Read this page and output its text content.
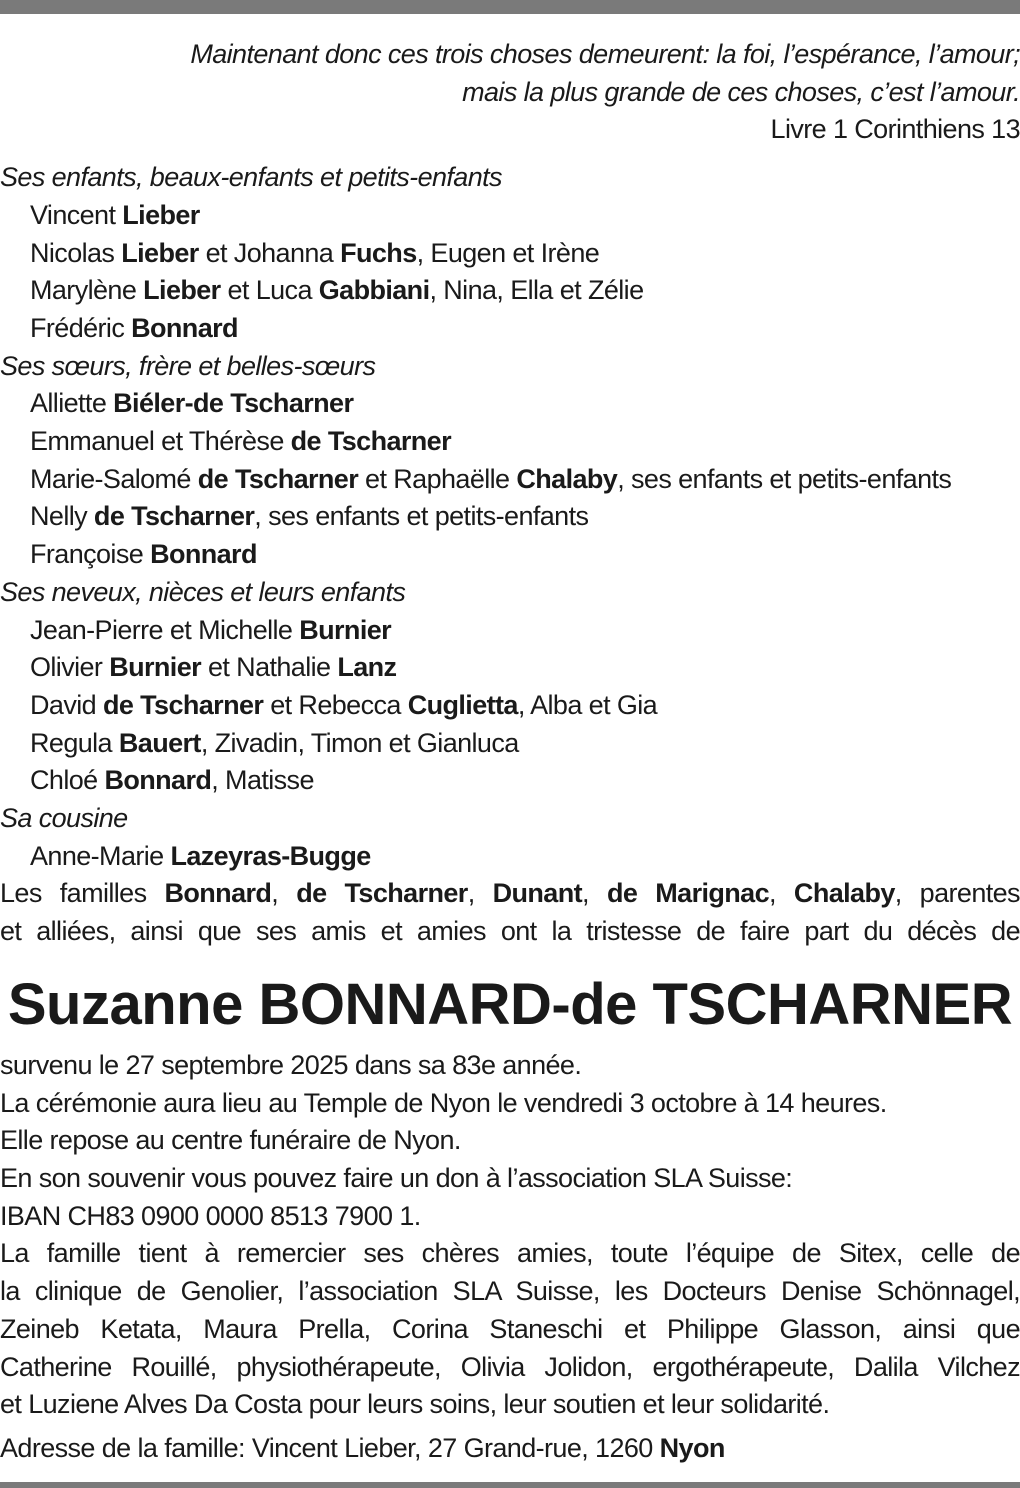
Maintenant donc ces trois choses demeurent: la foi, l’espérance, l’amour;
mais la plus grande de ces choses, c’est l’amour.
Livre 1 Corinthiens 13
Ses enfants, beaux-enfants et petits-enfants
Vincent Lieber
Nicolas Lieber et Johanna Fuchs, Eugen et Irène
Marylène Lieber et Luca Gabbiani, Nina, Ella et Zélie
Frédéric Bonnard
Ses sœurs, frère et belles-sœurs
Alliette Biéler-de Tscharner
Emmanuel et Thérèse de Tscharner
Marie-Salomé de Tscharner et Raphaëlle Chalaby, ses enfants et petits-enfants
Nelly de Tscharner, ses enfants et petits-enfants
Françoise Bonnard
Ses neveux, nièces et leurs enfants
Jean-Pierre et Michelle Burnier
Olivier Burnier et Nathalie Lanz
David de Tscharner et Rebecca Cuglietta, Alba et Gia
Regula Bauert, Zivadin, Timon et Gianluca
Chloé Bonnard, Matisse
Sa cousine
Anne-Marie Lazeyras-Bugge
Les familles Bonnard, de Tscharner, Dunant, de Marignac, Chalaby, parentes
et alliées, ainsi que ses amis et amies ont la tristesse de faire part du décès de
Suzanne BONNARD-de TSCHARNER
survenu le 27 septembre 2025 dans sa 83e année.
La cérémonie aura lieu au Temple de Nyon le vendredi 3 octobre à 14 heures.
Elle repose au centre funéraire de Nyon.
En son souvenir vous pouvez faire un don à l’association SLA Suisse:
IBAN CH83 0900 0000 8513 7900 1.
La famille tient à remercier ses chères amies, toute l’équipe de Sitex, celle de
la clinique de Genolier, l’association SLA Suisse, les Docteurs Denise Schönnagel,
Zeineb Ketata, Maura Prella, Corina Staneschi et Philippe Glasson, ainsi que
Catherine Rouillé, physiothérapeute, Olivia Jolidon, ergothérapeute, Dalila Vilchez
et Luziene Alves Da Costa pour leurs soins, leur soutien et leur solidarité.
Adresse de la famille: Vincent Lieber, 27 Grand-rue, 1260 Nyon
